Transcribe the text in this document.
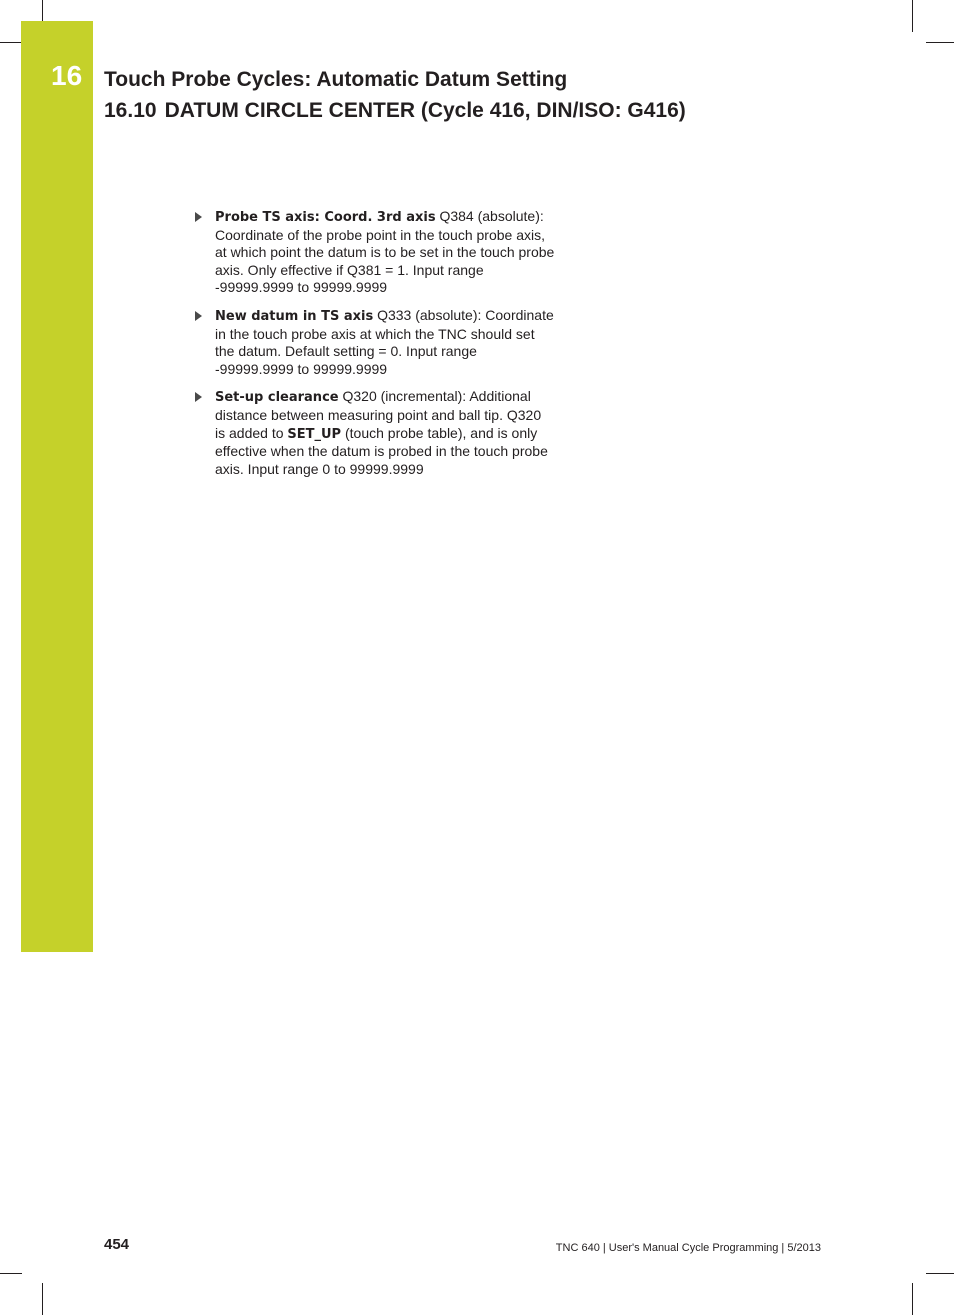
16 Touch Probe Cycles: Automatic Datum Setting
16.10 DATUM CIRCLE CENTER (Cycle 416, DIN/ISO: G416)
Probe TS axis: Coord. 3rd axis Q384 (absolute): Coordinate of the probe point in the touch probe axis, at which point the datum is to be set in the touch probe axis. Only effective if Q381 = 1. Input range -99999.9999 to 99999.9999
New datum in TS axis Q333 (absolute): Coordinate in the touch probe axis at which the TNC should set the datum. Default setting = 0. Input range -99999.9999 to 99999.9999
Set-up clearance Q320 (incremental): Additional distance between measuring point and ball tip. Q320 is added to SET_UP (touch probe table), and is only effective when the datum is probed in the touch probe axis. Input range 0 to 99999.9999
454	TNC 640 | User's Manual Cycle Programming | 5/2013
